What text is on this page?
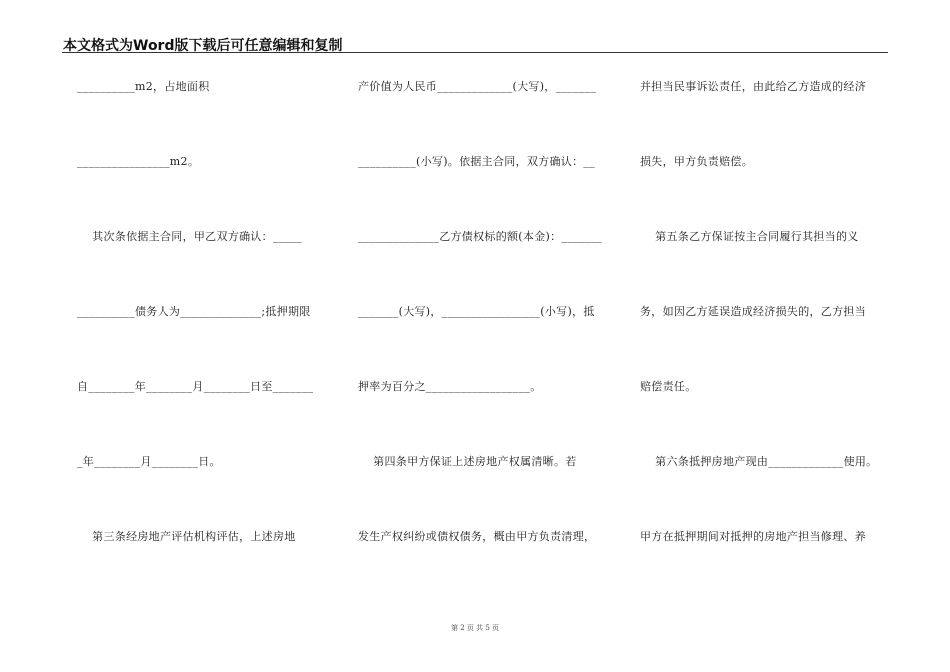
本文格式为Word版下载后可任意编辑和复制
__________m2，占地面积
________________m2。
其次条依据主合同，甲乙双方确认：_____
__________债务人为______________;抵押期限
自________年________月________日至_______
_年________月________日。
第三条经房地产评估机构评估，上述房地
产价值为人民币_____________(大写)，_______
__________(小写)。依据主合同，双方确认：__
______________乙方债权标的额(本金)：_______
_______(大写)，_________________(小写)，抵
押率为百分之__________________。
第四条甲方保证上述房地产权属清晰。若
发生产权纠纷或债权债务，概由甲方负责清理，
并担当民事诉讼责任，由此给乙方造成的经济
损失，甲方负责赔偿。
第五条乙方保证按主合同履行其担当的义
务，如因乙方延误造成经济损失的，乙方担当
赔偿责任。
第六条抵押房地产现由_____________使用。
甲方在抵押期间对抵押的房地产担当修理、养
第 2 页 共 5 页
